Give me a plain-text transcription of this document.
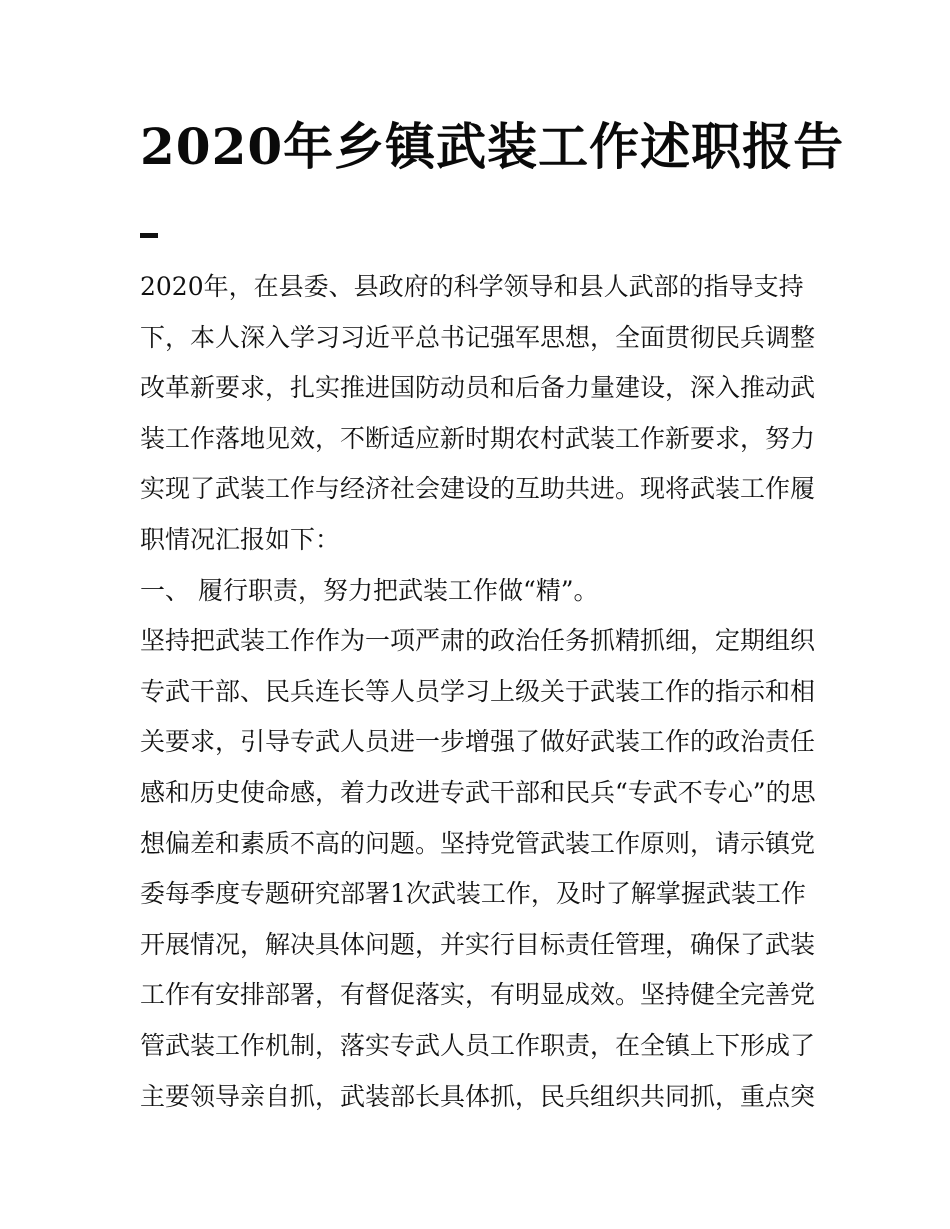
2020年乡镇武装工作述职报告
2020年，在县委、县政府的科学领导和县人武部的指导支持
下，本人深入学习习近平总书记强军思想，全面贯彻民兵调整
改革新要求，扎实推进国防动员和后备力量建设，深入推动武
装工作落地见效，不断适应新时期农村武装工作新要求，努力
实现了武装工作与经济社会建设的互助共进。现将武装工作履
职情况汇报如下：
一、 履行职责，努力把武装工作做“精”。
坚持把武装工作作为一项严肃的政治任务抓精抓细，定期组织
专武干部、民兵连长等人员学习上级关于武装工作的指示和相
关要求，引导专武人员进一步增强了做好武装工作的政治责任
感和历史使命感，着力改进专武干部和民兵“专武不专心”的思
想偏差和素质不高的问题。坚持党管武装工作原则，请示镇党
委每季度专题研究部署1次武装工作，及时了解掌握武装工作
开展情况，解决具体问题，并实行目标责任管理，确保了武装
工作有安排部署，有督促落实，有明显成效。坚持健全完善党
管武装工作机制，落实专武人员工作职责，在全镇上下形成了
主要领导亲自抓，武装部长具体抓，民兵组织共同抓，重点突
